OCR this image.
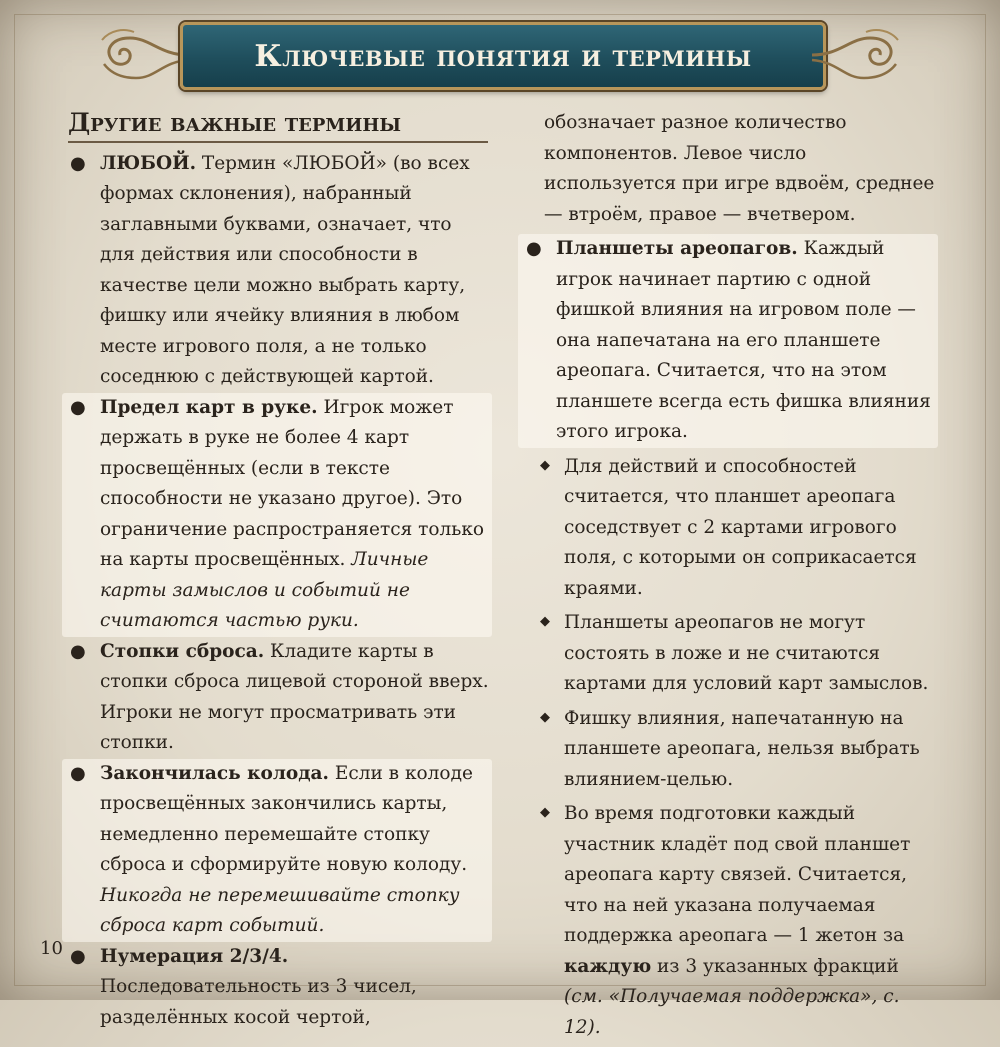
Ключевые понятия и термины
Другие важные термины

● ЛЮБОЙ. Термин «ЛЮБОЙ» (во всех формах склонения), набранный заглавными буквами, означает, что для действия или способности в качестве цели можно выбрать карту, фишку или ячейку влияния в любом месте игрового поля, а не только соседнюю с действующей картой.

● Предел карт в руке. Игрок может держать в руке не более 4 карт просвещённых (если в тексте способности не указано другое). Это ограничение распространяется только на карты просвещённых. Личные карты замыслов и событий не считаются частью руки.

● Стопки сброса. Кладите карты в стопки сброса лицевой стороной вверх. Игроки не могут просматривать эти стопки.

● Закончилась колода. Если в колоде просвещённых закончились карты, немедленно перемешайте стопку сброса и сформируйте новую колоду. Никогда не перемешивайте стопку сброса карт событий.

● Нумерация 2/3/4. Последовательность из 3 чисел, разделённых косой чертой,

обозначает разное количество компонентов. Левое число используется при игре вдвоём, среднее — втроём, правое — вчетвером.

● Планшеты ареопагов. Каждый игрок начинает партию с одной фишкой влияния на игровом поле — она напечатана на его планшете ареопага. Считается, что на этом планшете всегда есть фишка влияния этого игрока.

◆ Для действий и способностей считается, что планшет ареопага соседствует с 2 картами игрового поля, с которыми он соприкасается краями.

◆ Планшеты ареопагов не могут состоять в ложе и не считаются картами для условий карт замыслов.

◆ Фишку влияния, напечатанную на планшете ареопага, нельзя выбрать влиянием-целью.

◆ Во время подготовки каждый участник кладёт под свой планшет ареопага карту связей. Считается, что на ней указана получаемая поддержка ареопага — 1 жетон за каждую из 3 указанных фракций (см. «Получаемая поддержка», с. 12).

10
